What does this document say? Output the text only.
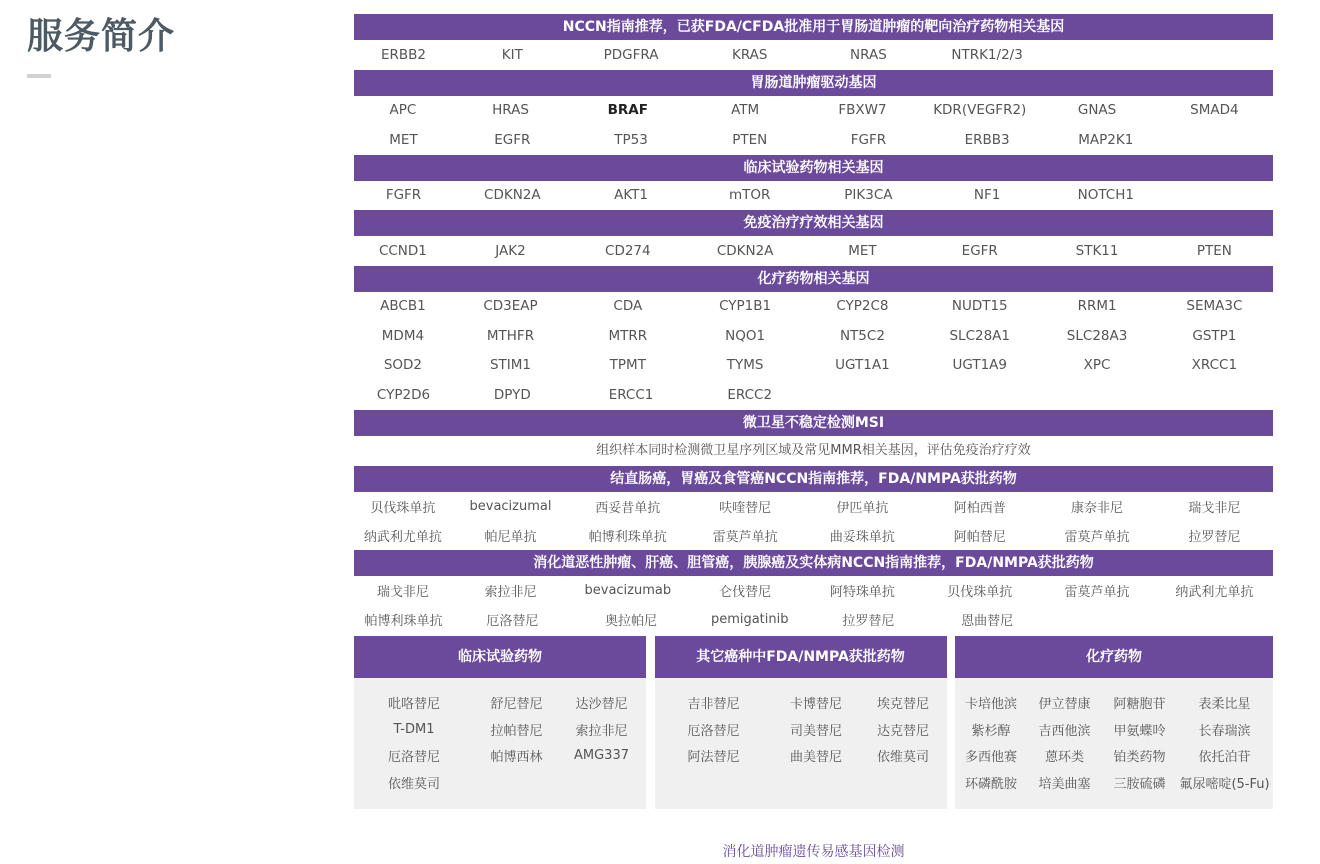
服务简介	NCCN指南推荐，已获FDA/CFDA批准用于胃肠道肿瘤的靶向治疗药物相关基因
ERBB2	KIT	PDGFRA	KRAS	NRAS	NTRK1/2/3
胃肠道肿瘤驱动基因
APC	HRAS	BRAF	ATM	FBXW7	KDR(VEGFR2)	GNAS	SMAD4
MET	EGFR	TP53	PTEN	FGFR	ERBB3	MAP2K1
临床试验药物相关基因
FGFR	CDKN2A	AKT1	mTOR	PIK3CA	NF1	NOTCH1
免疫治疗疗效相关基因
CCND1	JAK2	CD274	CDKN2A	MET	EGFR	STK11	PTEN
化疗药物相关基因
ABCB1	CD3EAP	CDA	CYP1B1	CYP2C8	NUDT15	RRM1	SEMA3C
MDM4	MTHFR	MTRR	NQO1	NT5C2	SLC28A1	SLC28A3	GSTP1
SOD2	STIM1	TPMT	TYMS	UGT1A1	UGT1A9	XPC	XRCC1
CYP2D6	DPYD	ERCC1	ERCC2
微卫星不稳定检测MSI
组织样本同时检测微卫星序列区域及常见MMR相关基因，评估免疫治疗疗效
结直肠癌，胃癌及食管癌NCCN指南推荐，FDA/NMPA获批药物
贝伐珠单抗	bevacizumal	西妥昔单抗	呋喹替尼	伊匹单抗	阿柏西普	康奈非尼	瑞戈非尼
纳武利尤单抗	帕尼单抗	帕博利珠单抗	雷莫芦单抗	曲妥珠单抗	阿帕替尼	雷莫芦单抗	拉罗替尼
消化道恶性肿瘤、肝癌、胆管癌，胰腺癌及实体病NCCN指南推荐，FDA/NMPA获批药物
瑞戈非尼	索拉非尼	bevacizumab	仑伐替尼	阿特珠单抗	贝伐珠单抗	雷莫芦单抗	纳武利尤单抗
帕博利珠单抗	厄洛替尼	奥拉帕尼	pemigatinib	拉罗替尼	恩曲替尼
临床试验药物
吡咯替尼	舒尼替尼	达沙替尼
T-DM1	拉帕替尼	索拉非尼
厄洛替尼	帕博西林	AMG337
依维莫司
其它癌种中FDA/NMPA获批药物
吉非替尼	卡博替尼	埃克替尼
厄洛替尼	司美替尼	达克替尼
阿法替尼	曲美替尼	依维莫司
化疗药物
卡培他滨	伊立替康	阿糖胞苷	表柔比星
紫杉醇	吉西他滨	甲氨蝶呤	长春瑞滨
多西他赛	蒽环类	铂类药物	依托泊苷
环磷酰胺	培美曲塞	三胺硫磷	氟尿嘧啶(5-Fu)
消化道肿瘤遗传易感基因检测
